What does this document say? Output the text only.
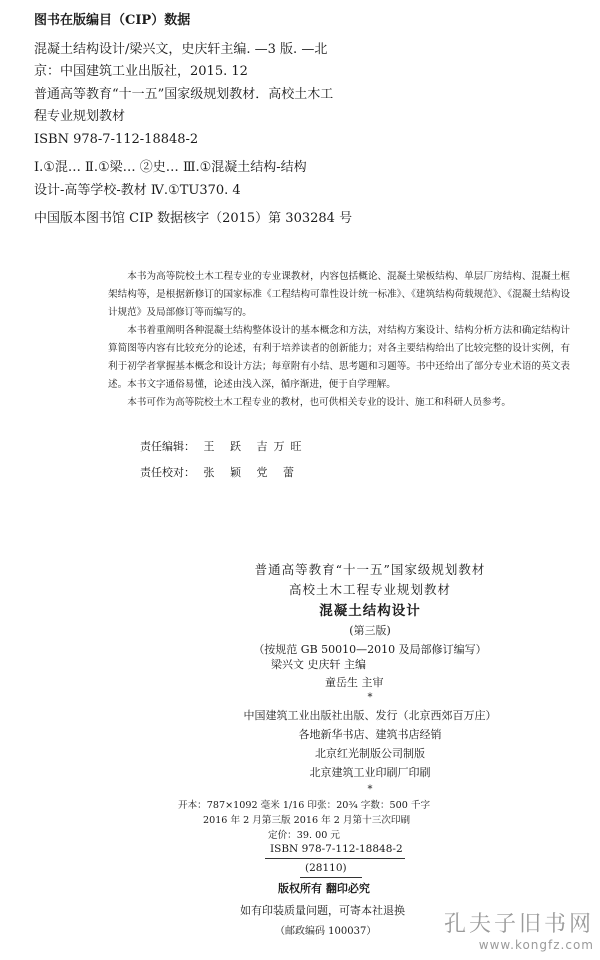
图书在版编目（CIP）数据
混凝土结构设计/梁兴文，史庆轩主编. —3 版. —北
京：中国建筑工业出版社，2015. 12
普通高等教育“十一五”国家级规划教材．高校土木工
程专业规划教材
ISBN 978-7-112-18848-2
Ⅰ.①混… Ⅱ.①梁… ②史… Ⅲ.①混凝土结构-结构
设计-高等学校-教材 Ⅳ.①TU370. 4
中国版本图书馆 CIP 数据核字（2015）第 303284 号

本书为高等院校土木工程专业的专业课教材，内容包括概论、混凝土梁板结构、单层厂房结构、混凝土框架结构等，是根据新修订的国家标准《工程结构可靠性设计统一标准》、《建筑结构荷载规范》、《混凝土结构设计规范》及局部修订等而编写的。

本书着重阐明各种混凝土结构整体设计的基本概念和方法，对结构方案设计、结构分析方法和确定结构计算简图等内容有比较充分的论述，有利于培养读者的创新能力；对各主要结构给出了比较完整的设计实例，有利于初学者掌握基本概念和设计方法；每章附有小结、思考题和习题等。书中还给出了部分专业术语的英文表述。本书文字通俗易懂，论述由浅入深，循序渐进，便于自学理解。

本书可作为高等院校土木工程专业的教材，也可供相关专业的设计、施工和科研人员参考。

责任编辑： 王 跃 吉万旺
责任校对： 张 颖 党 蕾
普通高等教育“十一五”国家级规划教材
高校土木工程专业规划教材
混凝土结构设计
(第三版)
（按规范 GB 50010—2010 及局部修订编写）
梁兴文 史庆轩 主编
童岳生 主审
*
中国建筑工业出版社出版、发行（北京西郊百万庄）
各地新华书店、建筑书店经销
北京红光制版公司制版
北京建筑工业印刷厂印刷
*
开本：787×1092 毫米 1/16 印张：20¾ 字数：500 千字
2016 年 2 月第三版 2016 年 2 月第十三次印刷
定价：39. 00 元
ISBN 978-7-112-18848-2
(28110)
版权所有 翻印必究
如有印装质量问题，可寄本社退换
（邮政编码 100037）	孔夫子旧书网
www.kongfz.com
